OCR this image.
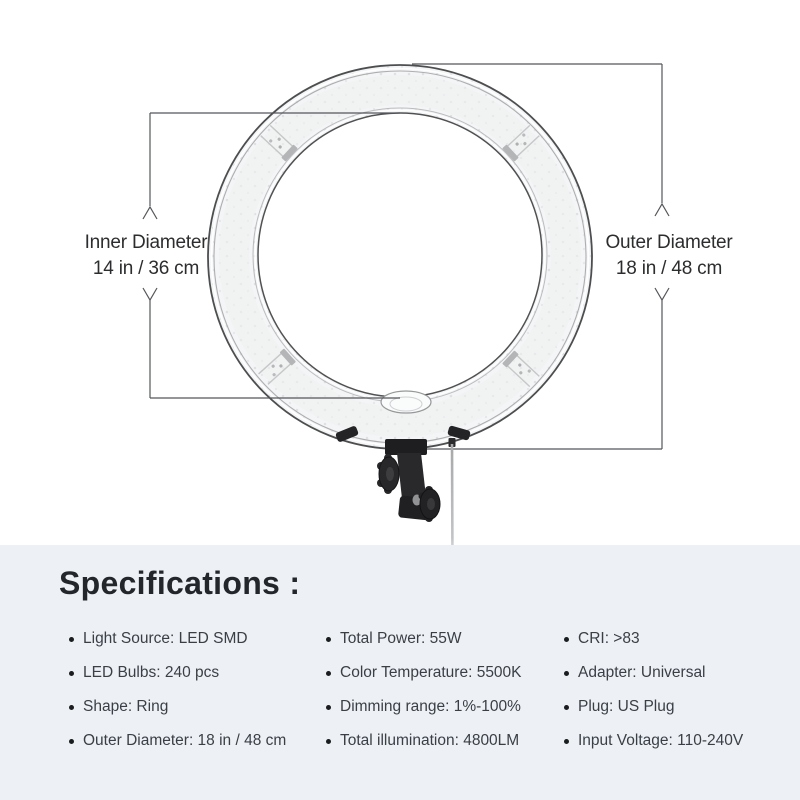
Inner Diameter
14 in / 36 cm
Outer Diameter
18 in / 48 cm
Specifications :
Light Source: LED SMD
LED Bulbs: 240 pcs
Shape: Ring
Outer Diameter: 18 in / 48 cm
Total Power: 55W
Color Temperature: 5500K
Dimming range: 1%-100%
Total illumination: 4800LM
CRI: >83
Adapter: Universal
Plug: US Plug
Input Voltage: 110-240V
